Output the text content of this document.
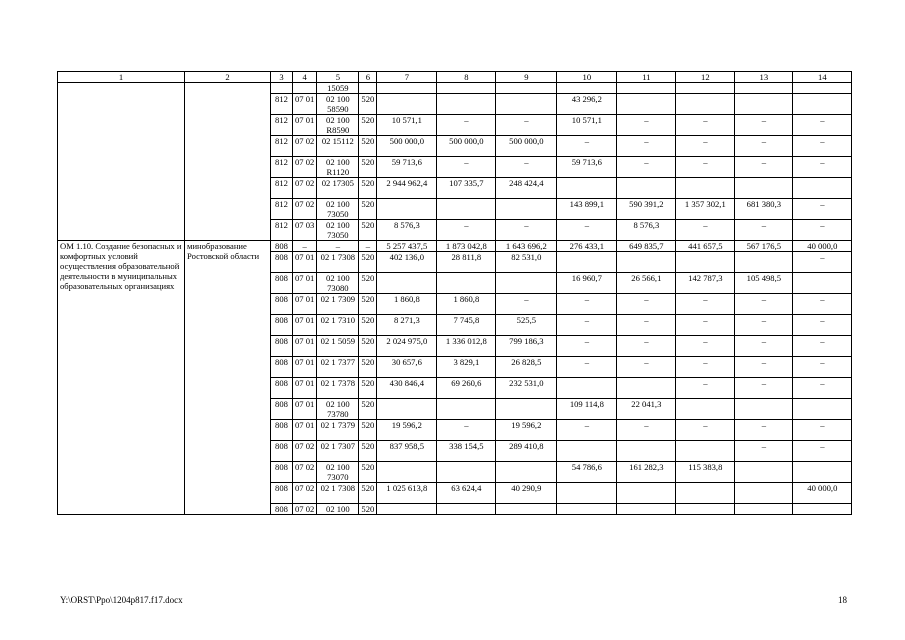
1	2	3	4	5	6	7	8	9	10	11	12	13	14
				15059									
		812	07 01	02 100 58590	520				43 296,2				
		812	07 01	02 100 R8590	520	10 571,1	–	–	10 571,1	–	–	–	–
		812	07 02	02 15112	520	500 000,0	500 000,0	500 000,0	–	–	–	–	–
		812	07 02	02 100 R1120	520	59 713,6	–	–	59 713,6	–	–	–	–
		812	07 02	02 17305	520	2 944 962,4	107 335,7	248 424,4					
		812	07 02	02 100 73050	520				143 899,1	590 391,2	1 357 302,1	681 380,3	–
		812	07 03	02 100 73050	520	8 576,3	–	–	–	8 576,3	–	–	–
ОМ 1.10. Создание безопасных и комфортных условий осуществления образовательной деятельности в муниципальных образовательных организациях	минобразование Ростовской области	808	–	–	–	5 257 437,5	1 873 042,8	1 643 696,2	276 433,1	649 835,7	441 657,5	567 176,5	40 000,0
		808	07 01	02 1 7308	520	402 136,0	28 811,8	82 531,0					–
		808	07 01	02 100 73080	520				16 960,7	26 566,1	142 787,3	105 498,5	
		808	07 01	02 1 7309	520	1 860,8	1 860,8	–	–	–	–	–	–
		808	07 01	02 1 7310	520	8 271,3	7 745,8	525,5	–	–	–	–	–
		808	07 01	02 1 5059	520	2 024 975,0	1 336 012,8	799 186,3	–	–	–	–	–
		808	07 01	02 1 7377	520	30 657,6	3 829,1	26 828,5	–	–	–	–	–
		808	07 01	02 1 7378	520	430 846,4	69 260,6	232 531,0			–	–	–
		808	07 01	02 100 73780	520				109 114,8	22 041,3			
		808	07 01	02 1 7379	520	19 596,2	–	19 596,2	–	–	–	–	–
		808	07 02	02 1 7307	520	837 958,5	338 154,5	289 410,8				–	–
		808	07 02	02 100 73070	520				54 786,6	161 282,3	115 383,8		
		808	07 02	02 1 7308	520	1 025 613,8	63 624,4	40 290,9					40 000,0
		808	07 02	02 100	520								
Y:\ORST\Ppo\1204p817.f17.docx	18
